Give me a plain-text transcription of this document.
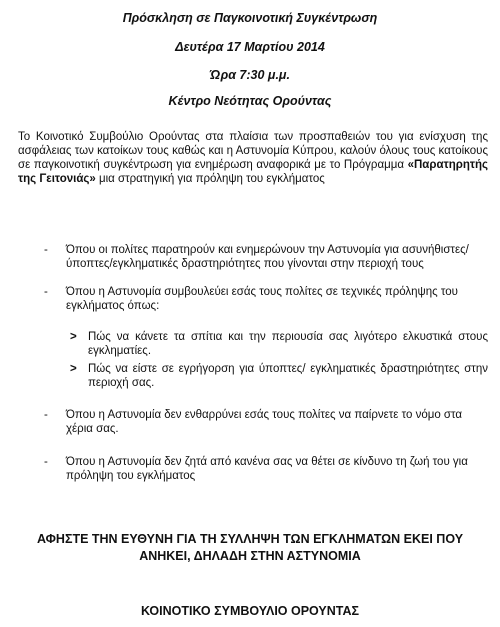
Πρόσκληση σε Παγκοινοτική Συγκέντρωση
Δευτέρα 17 Μαρτίου 2014
Ώρα 7:30 μ.μ.
Κέντρο Νεότητας Ορούντας
Το Κοινοτικό Συμβούλιο Ορούντας στα πλαίσια των προσπαθειών του για ενίσχυση της ασφάλειας των κατοίκων τους καθώς και η Αστυνομία Κύπρου, καλούν όλους τους κατοίκους σε παγκοινοτική συγκέντρωση για ενημέρωση αναφορικά με το Πρόγραμμα «Παρατηρητής της Γειτονιάς» μια στρατηγική για πρόληψη του εγκλήματος
- Όπου οι πολίτες παρατηρούν και ενημερώνουν την Αστυνομία για ασυνήθιστες/ύποπτες/εγκληματικές δραστηριότητες που γίνονται στην περιοχή τους
- Όπου η Αστυνομία συμβουλεύει εσάς τους πολίτες σε τεχνικές πρόληψης του εγκλήματος όπως:
> Πώς να κάνετε τα σπίτια και την περιουσία σας λιγότερο ελκυστικά στους εγκληματίες.
> Πώς να είστε σε εγρήγορση για ύποπτες/ εγκληματικές δραστηριότητες στην περιοχή σας.
- Όπου η Αστυνομία δεν ενθαρρύνει εσάς τους πολίτες να παίρνετε το νόμο στα χέρια σας.
- Όπου η Αστυνομία δεν ζητά από κανένα σας να θέτει σε κίνδυνο τη ζωή του για πρόληψη του εγκλήματος
ΑΦΗΣΤΕ ΤΗΝ ΕΥΘΥΝΗ ΓΙΑ ΤΗ ΣΥΛΛΗΨΗ ΤΩΝ ΕΓΚΛΗΜΑΤΩΝ ΕΚΕΙ ΠΟΥ
ΑΝΗΚΕΙ, ΔΗΛΑΔΗ ΣΤΗΝ ΑΣΤΥΝΟΜΙΑ
ΚΟΙΝΟΤΙΚΟ ΣΥΜΒΟΥΛΙΟ ΟΡΟΥΝΤΑΣ
